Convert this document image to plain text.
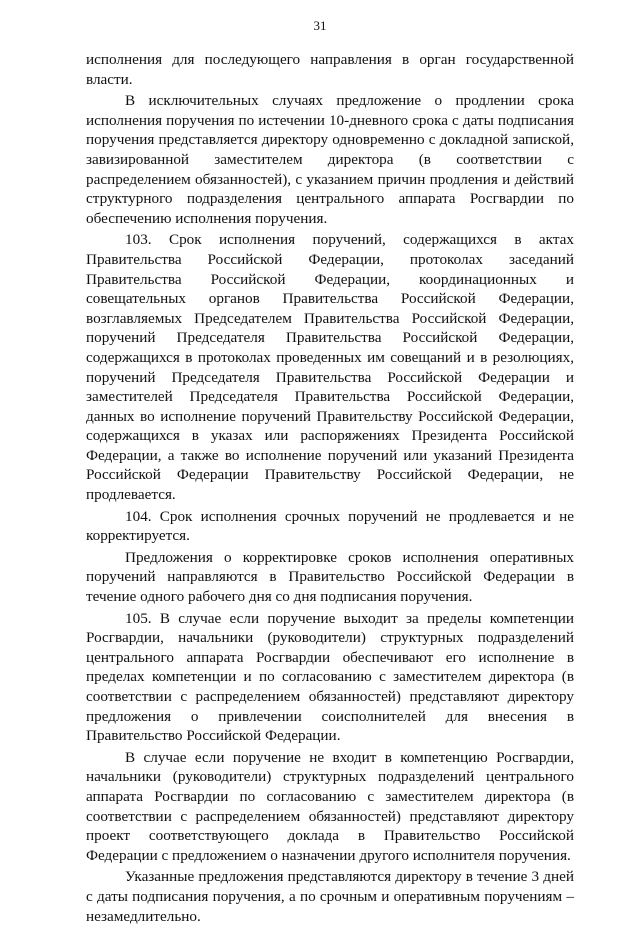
31

исполнения для последующего направления в орган государственной власти.

В исключительных случаях предложение о продлении срока исполнения поручения по истечении 10-дневного срока с даты подписания поручения представляется директору одновременно с докладной запиской, завизированной заместителем директора (в соответствии с распределением обязанностей), с указанием причин продления и действий структурного подразделения центрального аппарата Росгвардии по обеспечению исполнения поручения.

103. Срок исполнения поручений, содержащихся в актах Правительства Российской Федерации, протоколах заседаний Правительства Российской Федерации, координационных и совещательных органов Правительства Российской Федерации, возглавляемых Председателем Правительства Российской Федерации, поручений Председателя Правительства Российской Федерации, содержащихся в протоколах проведенных им совещаний и в резолюциях, поручений Председателя Правительства Российской Федерации и заместителей Председателя Правительства Российской Федерации, данных во исполнение поручений Правительству Российской Федерации, содержащихся в указах или распоряжениях Президента Российской Федерации, а также во исполнение поручений или указаний Президента Российской Федерации Правительству Российской Федерации, не продлевается.

104. Срок исполнения срочных поручений не продлевается и не корректируется.

Предложения о корректировке сроков исполнения оперативных поручений направляются в Правительство Российской Федерации в течение одного рабочего дня со дня подписания поручения.

105. В случае если поручение выходит за пределы компетенции Росгвардии, начальники (руководители) структурных подразделений центрального аппарата Росгвардии обеспечивают его исполнение в пределах компетенции и по согласованию с заместителем директора (в соответствии с распределением обязанностей) представляют директору предложения о привлечении соисполнителей для внесения в Правительство Российской Федерации.

В случае если поручение не входит в компетенцию Росгвардии, начальники (руководители) структурных подразделений центрального аппарата Росгвардии по согласованию с заместителем директора (в соответствии с распределением обязанностей) представляют директору проект соответствующего доклада в Правительство Российской Федерации с предложением о назначении другого исполнителя поручения.

Указанные предложения представляются директору в течение 3 дней с даты подписания поручения, а по срочным и оперативным поручениям – незамедлительно.
